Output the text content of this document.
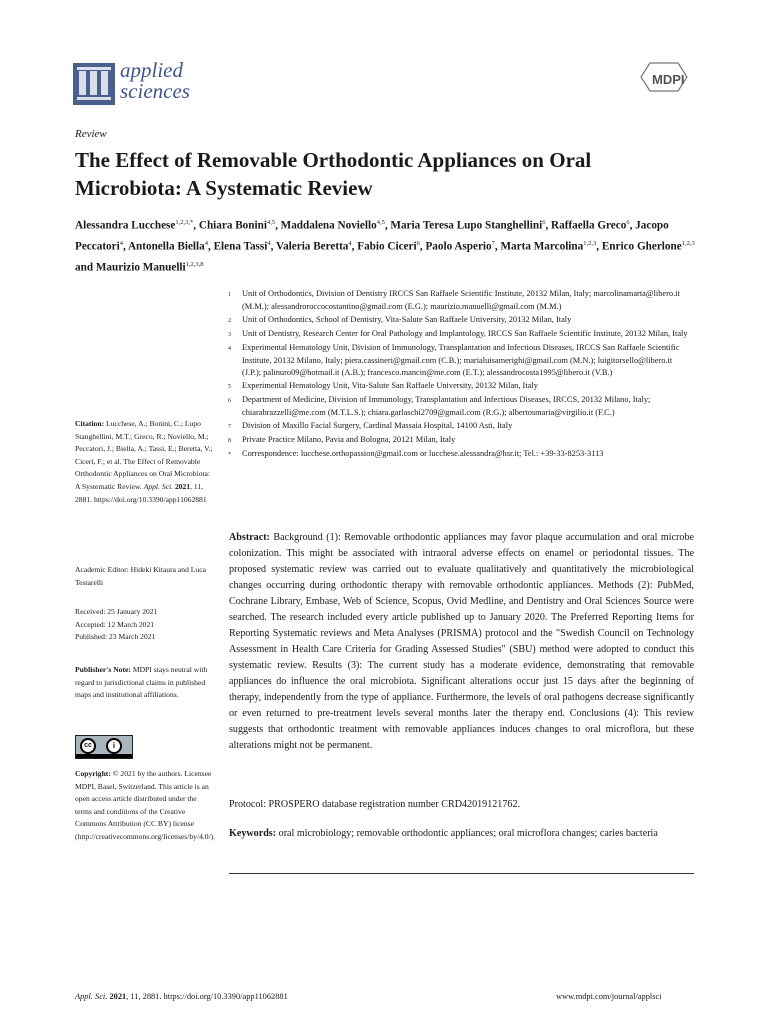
applied
sciences	MDPI
Review
The Effect of Removable Orthodontic Appliances on Oral Microbiota: A Systematic Review
Alessandra Lucchese$^{1,2,3,*}$, Chiara Bonini$^{4,5}$, Maddalena Noviello$^{4,5}$, Maria Teresa Lupo Stanghellini$^6$, Raffaella Greco$^6$, Jacopo Peccatori$^4$, Antonella Biella$^4$, Elena Tassi$^4$, Valeria Beretta$^4$, Fabio Ciceri$^6$, Paolo Asperio$^7$, Marta Marcolina$^{1,2,3}$, Enrico Gherlone$^{1,2,3}$ and Maurizio Manuelli$^{1,2,3,8}$
1	Unit of Orthodontics, Division of Dentistry IRCCS San Raffaele Scientific Institute, 20132 Milan, Italy; marcolinamarta@libero.it (M.M.); alessandroroccocostantino@gmail.com (E.G.); maurizio.manuelli@gmail.com (M.M.)
2	Unit of Orthodontics, School of Dentistry, Vita-Salute San Raffaele University, 20132 Milan, Italy
3	Unit of Dentistry, Research Center for Oral Pathology and Implantology, IRCCS San Raffaele Scientific Institute, 20132 Milan, Italy
4	Experimental Hematology Unit, Division of Immunology, Transplantation and Infectious Diseases, IRCCS San Raffaele Scientific Institute, 20132 Milano, Italy; piera.cassineri@gmail.com (C.B.); marialuisamerighi@gmail.com (M.N.); luigitorsello@libero.it (J.P.); palinuro09@hotmail.it (A.B.); francesco.mancin@me.com (E.T.); alessandrocosta1995@libero.it (V.B.)
5	Experimental Hematology Unit, Vita-Salute San Raffaele University, 20132 Milan, Italy
6	Department of Medicine, Division of Immunology, Transplantation and Infectious Diseases, IRCCS, 20132 Milano, Italy; chiarabrazzelli@me.com (M.T.L.S.); chiara.garlaschi2709@gmail.com (R.G.); albertosmaria@virgilio.it (F.C.)
7	Division of Maxillo Facial Surgery, Cardinal Massaia Hospital, 14100 Asti, Italy
8	Private Practice Milano, Pavia and Bologna, 20121 Milan, Italy
*	Correspondence: lucchese.orthopassion@gmail.com or lucchese.alessandra@hsr.it; Tel.: +39-33-8253-3113
Citation: Lucchese, A.; Bonini, C.; Lupo Stanghellini, M.T.; Greco, R.; Noviello, M.; Peccatori, J.; Biella, A.; Tassi, E.; Beretta, V.; Ciceri, F.; et al. The Effect of Removable Orthodontic Appliances on Oral Microbiota: A Systematic Review. Appl. Sci. 2021, 11, 2881. https://doi.org/10.3390/app11062881
Academic Editor: Hideki Kitaura and Luca Testarelli
Received: 25 January 2021
Accepted: 12 March 2021
Published: 23 March 2021
Publisher's Note: MDPI stays neutral with regard to jurisdictional claims in published maps and institutional affiliations.
cc	i
Copyright: © 2021 by the authors. Licensee MDPI, Basel, Switzerland. This article is an open access article distributed under the terms and conditions of the Creative Commons Attribution (CC BY) license (http://creativecommons.org/licenses/by/4.0/).
Abstract: Background (1): Removable orthodontic appliances may favor plaque accumulation and oral microbe colonization. This might be associated with intraoral adverse effects on enamel or periodontal tissues. The proposed systematic review was carried out to evaluate qualitatively and quantitatively the microbiological changes occurring during orthodontic therapy with removable orthodontic appliances. Methods (2): PubMed, Cochrane Library, Embase, Web of Science, Scopus, Ovid Medline, and Dentistry and Oral Sciences Source were searched. The research included every article published up to January 2020. The Preferred Reporting Items for Reporting Systematic reviews and Meta Analyses (PRISMA) protocol and the "Swedish Council on Technology Assessment in Health Care Criteria for Grading Assessed Studies" (SBU) method were adopted to conduct this systematic review. Results (3): The current study has a moderate evidence, demonstrating that removable appliances do influence the oral microbiota. Significant alterations occur just 15 days after the beginning of therapy, independently from the type of appliance. Furthermore, the levels of oral pathogens decrease significantly or even returned to pre-treatment levels several months later the therapy end. Conclusions (4): This review suggests that orthodontic treatment with removable appliances induces changes to oral microflora, but these alterations might not be permanent.
Protocol: PROSPERO database registration number CRD42019121762.
Keywords: oral microbiology; removable orthodontic appliances; oral microflora changes; caries bacteria
Appl. Sci. 2021, 11, 2881. https://doi.org/10.3390/app11062881	www.mdpi.com/journal/applsci
